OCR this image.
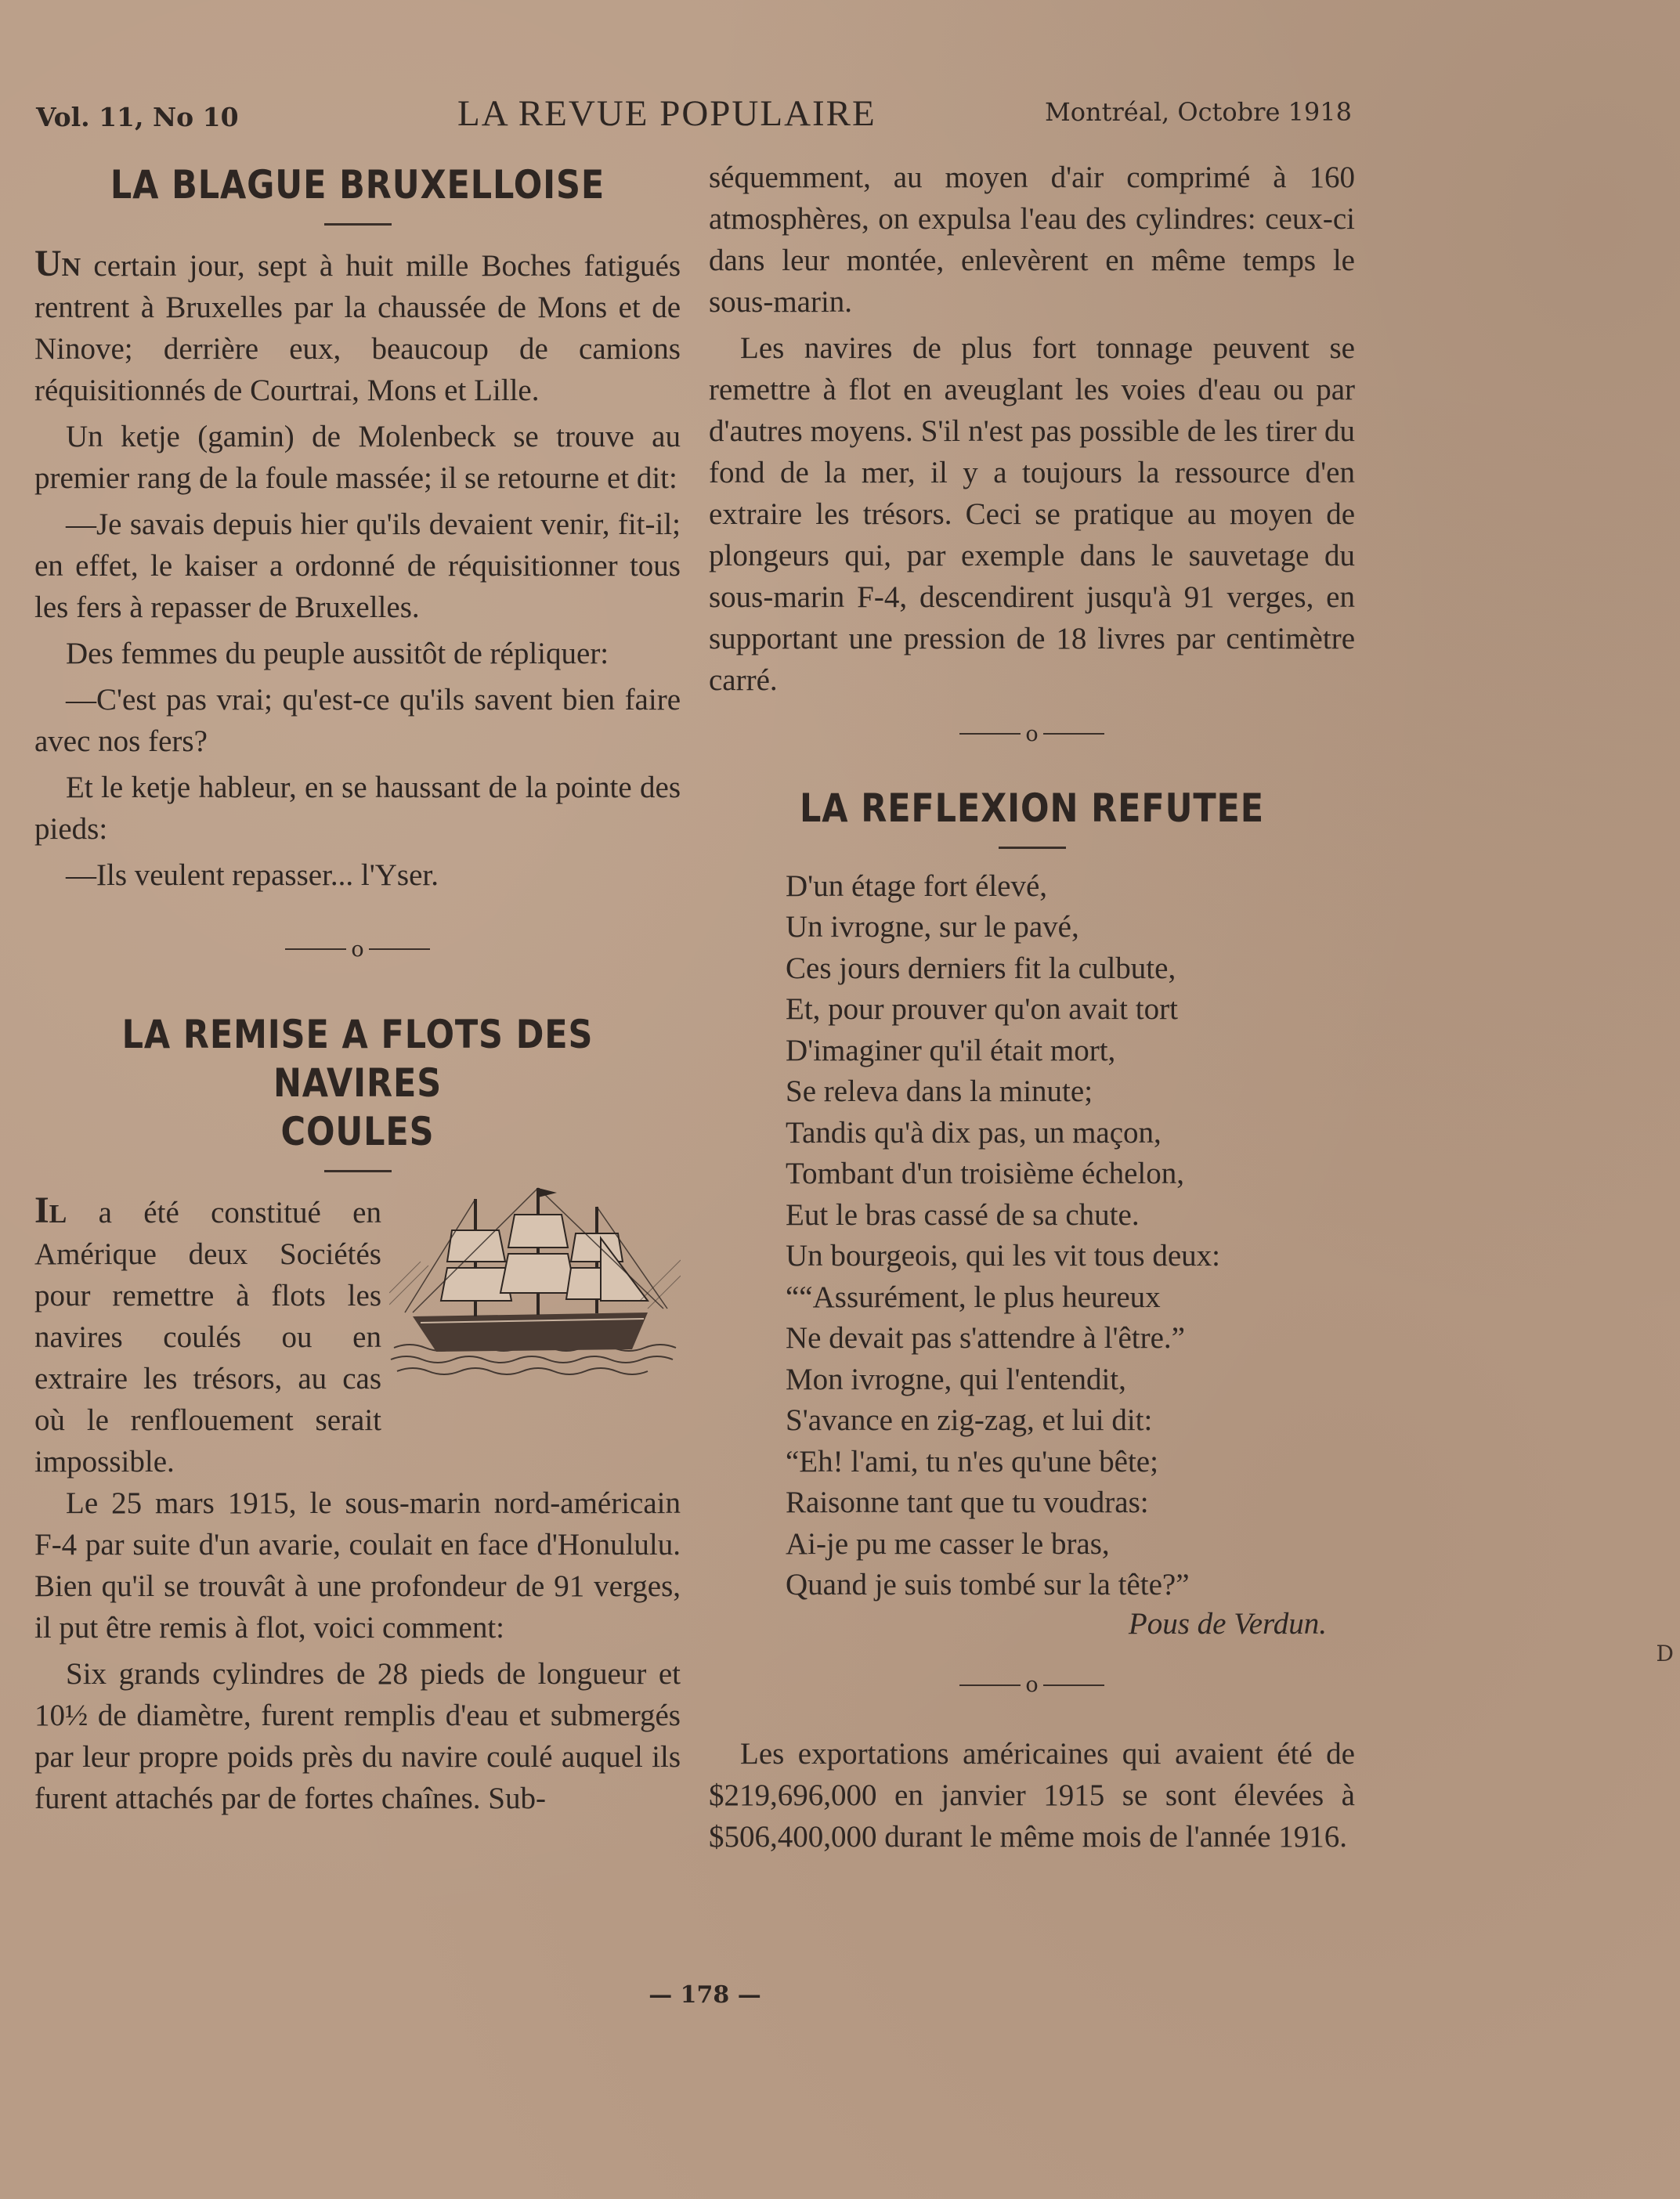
Vol. 11, No 10	LA REVUE POPULAIRE	Montréal, Octobre 1918
LA BLAGUE BRUXELLOISE

Un certain jour, sept à huit mille Boches fatigués rentrent à Bruxelles par la chaussée de Mons et de Ninove; derrière eux, beaucoup de camions réquisitionnés de Courtrai, Mons et Lille.

Un ketje (gamin) de Molenbeck se trouve au premier rang de la foule massée; il se retourne et dit:

—Je savais depuis hier qu'ils devaient venir, fit-il; en effet, le kaiser a ordonné de réquisitionner tous les fers à repasser de Bruxelles.

Des femmes du peuple aussitôt de répliquer:

—C'est pas vrai; qu'est-ce qu'ils savent bien faire avec nos fers?

Et le ketje hableur, en se haussant de la pointe des pieds:

—Ils veulent repasser... l'Yser.

o
LA REMISE A FLOTS DES NAVIRES
COULES

Il a été constitué en Amérique deux Sociétés pour remettre à flots les navires coulés ou en extraire les trésors, au cas où le renflouement serait impossible.

Le 25 mars 1915, le sous-marin nord-américain F-4 par suite d'un avarie, coulait en face d'Honululu. Bien qu'il se trouvât à une profondeur de 91 verges, il put être remis à flot, voici comment:

Six grands cylindres de 28 pieds de longueur et 10½ de diamètre, furent remplis d'eau et submergés par leur propre poids près du navire coulé auquel ils furent attachés par de fortes chaînes. Sub-

séquemment, au moyen d'air comprimé à 160 atmosphères, on expulsa l'eau des cylindres: ceux-ci dans leur montée, enlevèrent en même temps le sous-marin.

Les navires de plus fort tonnage peuvent se remettre à flot en aveuglant les voies d'eau ou par d'autres moyens. S'il n'est pas possible de les tirer du fond de la mer, il y a toujours la ressource d'en extraire les trésors. Ceci se pratique au moyen de plongeurs qui, par exemple dans le sauvetage du sous-marin F-4, descendirent jusqu'à 91 verges, en supportant une pression de 18 livres par centimètre carré.

o
LA REFLEXION REFUTEE
D'un étage fort élevé,
Un ivrogne, sur le pavé,
Ces jours derniers fit la culbute,
Et, pour prouver qu'on avait tort
D'imaginer qu'il était mort,
Se releva dans la minute;
Tandis qu'à dix pas, un maçon,
Tombant d'un troisième échelon,
Eut le bras cassé de sa chute.
Un bourgeois, qui les vit tous deux:
““Assurément, le plus heureux
Ne devait pas s'attendre à l'être.”
Mon ivrogne, qui l'entendit,
S'avance en zig-zag, et lui dit:
“Eh! l'ami, tu n'es qu'une bête;
Raisonne tant que tu voudras:
Ai-je pu me casser le bras,
Quand je suis tombé sur la tête?”
Pous de Verdun.
o

Les exportations américaines qui avaient été de $219,696,000 en janvier 1915 se sont élevées à $506,400,000 durant le même mois de l'année 1916.

— 178 —
D
